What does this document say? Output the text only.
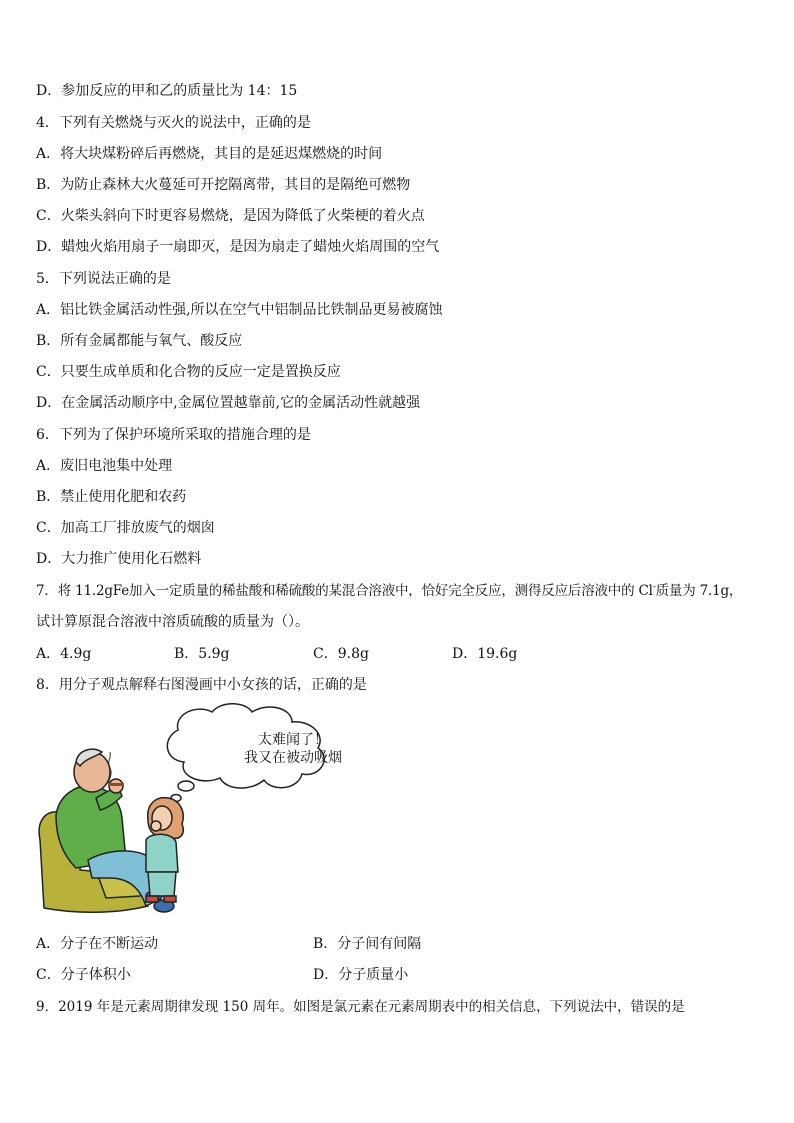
D．参加反应的甲和乙的质量比为 14：15
4．下列有关燃烧与灭火的说法中，正确的是
A．将大块煤粉碎后再燃烧，其目的是延迟煤燃烧的时间
B．为防止森林大火蔓延可开挖隔离带，其目的是隔绝可燃物
C．火柴头斜向下时更容易燃烧，是因为降低了火柴梗的着火点
D．蜡烛火焰用扇子一扇即灭，是因为扇走了蜡烛火焰周围的空气
5．下列说法正确的是
A．铝比铁金属活动性强,所以在空气中铝制品比铁制品更易被腐蚀
B．所有金属都能与氧气、酸反应
C．只要生成单质和化合物的反应一定是置换反应
D．在金属活动顺序中,金属位置越靠前,它的金属活动性就越强
6．下列为了保护环境所采取的措施合理的是
A．废旧电池集中处理
B．禁止使用化肥和农药
C．加高工厂排放废气的烟囱
D．大力推广使用化石燃料
7．将 11.2gFe加入一定质量的稀盐酸和稀硫酸的某混合溶液中，恰好完全反应，测得反应后溶液中的 Cl-质量为 7.1g，
试计算原混合溶液中溶质硫酸的质量为（）。
A．4.9g	B．5.9g	C．9.8g	D．19.6g
8．用分子观点解释右图漫画中小女孩的话，正确的是
太难闻了！
我又在被动吸烟
A．分子在不断运动	B．分子间有间隔
C．分子体积小	D．分子质量小
9．2019 年是元素周期律发现 150 周年。如图是氯元素在元素周期表中的相关信息，下列说法中，错误的是
